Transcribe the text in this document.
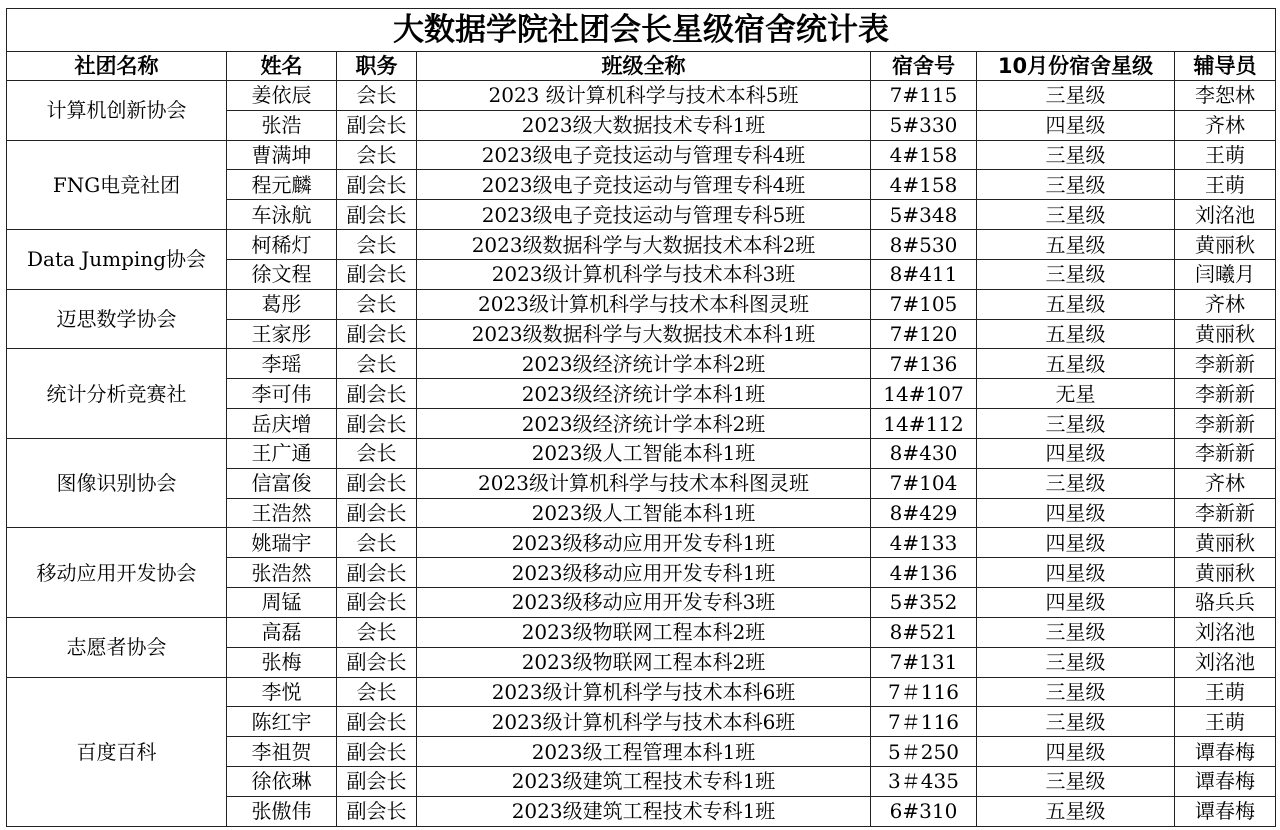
大数据学院社团会长星级宿舍统计表						
社团名称	姓名	职务	班级全称	宿舍号	10月份宿舍星级	辅导员
计算机创新协会	姜依辰	会长	2023 级计算机科学与技术本科5班	7#115	三星级	李恕林
	张浩	副会长	2023级大数据技术专科1班	5#330	四星级	齐林
FNG电竞社团	曹满坤	会长	2023级电子竞技运动与管理专科4班	4#158	三星级	王萌
	程元麟	副会长	2023级电子竞技运动与管理专科4班	4#158	三星级	王萌
	车泳航	副会长	2023级电子竞技运动与管理专科5班	5#348	三星级	刘洺池
Data Jumping协会	柯稀灯	会长	2023级数据科学与大数据技术本科2班	8#530	五星级	黄丽秋
	徐文程	副会长	2023级计算机科学与技术本科3班	8#411	三星级	闫曦月
迈思数学协会	葛彤	会长	2023级计算机科学与技术本科图灵班	7#105	五星级	齐林
	王家彤	副会长	2023级数据科学与大数据技术本科1班	7#120	五星级	黄丽秋
统计分析竞赛社	李瑶	会长	2023级经济统计学本科2班	7#136	五星级	李新新
	李可伟	副会长	2023级经济统计学本科1班	14#107	无星	李新新
	岳庆增	副会长	2023级经济统计学本科2班	14#112	三星级	李新新
图像识别协会	王广通	会长	2023级人工智能本科1班	8#430	四星级	李新新
	信富俊	副会长	2023级计算机科学与技术本科图灵班	7#104	三星级	齐林
	王浩然	副会长	2023级人工智能本科1班	8#429	四星级	李新新
移动应用开发协会	姚瑞宇	会长	2023级移动应用开发专科1班	4#133	四星级	黄丽秋
	张浩然	副会长	2023级移动应用开发专科1班	4#136	四星级	黄丽秋
	周锰	副会长	2023级移动应用开发专科3班	5#352	四星级	骆兵兵
志愿者协会	高磊	会长	2023级物联网工程本科2班	8#521	三星级	刘洺池
	张梅	副会长	2023级物联网工程本科2班	7#131	三星级	刘洺池
百度百科	李悦	会长	2023级计算机科学与技术本科6班	7＃116	三星级	王萌
	陈红宇	副会长	2023级计算机科学与技术本科6班	7＃116	三星级	王萌
	李祖贺	副会长	2023级工程管理本科1班	5＃250	四星级	谭春梅
	徐依琳	副会长	2023级建筑工程技术专科1班	3＃435	三星级	谭春梅
	张傲伟	副会长	2023级建筑工程技术专科1班	6#310	五星级	谭春梅
